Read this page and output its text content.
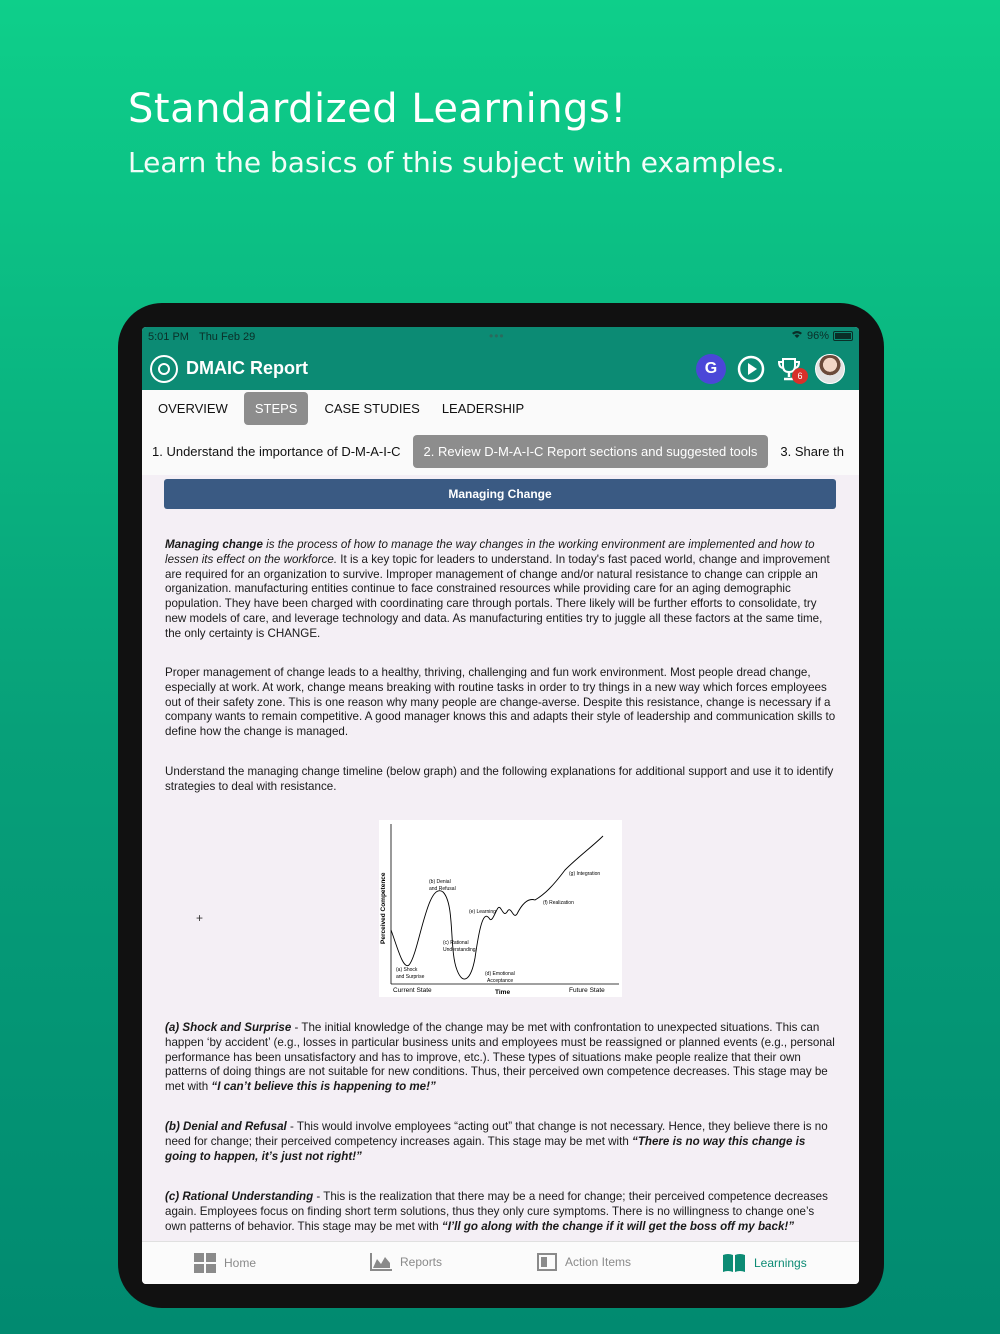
Standardized Learnings!
Learn the basics of this subject with examples.
5:01 PM Thu Feb 29	•••	96%
DMAIC Report	G	6
OVERVIEW	STEPS	CASE STUDIES	LEADERSHIP
1. Understand the importance of D-M-A-I-C	2. Review D-M-A-I-C Report sections and suggested tools	3. Share th
Managing Change
Managing change is the process of how to manage the way changes in the working environment are implemented and how to lessen its effect on the workforce. It is a key topic for leaders to understand. In today's fast paced world, change and improvement are required for an organization to survive. Improper management of change and/or natural resistance to change can cripple an organization. manufacturing entities continue to face constrained resources while providing care for an aging demographic population. They have been charged with coordinating care through portals. There likely will be further efforts to consolidate, try new models of care, and leverage technology and data. As manufacturing entities try to juggle all these factors at the same time, the only certainty is CHANGE.
Proper management of change leads to a healthy, thriving, challenging and fun work environment. Most people dread change, especially at work. At work, change means breaking with routine tasks in order to try things in a new way which forces employees out of their safety zone. This is one reason why many people are change-averse. Despite this resistance, change is necessary if a company wants to remain competitive. A good manager knows this and adapts their style of leadership and communication skills to define how the change is managed.
Understand the managing change timeline (below graph) and the following explanations for additional support and use it to identify strategies to deal with resistance.
+	Perceived Competence
Time
Current State	Future State
(a) Shock
and Surprise
(b) Denial
and Refusal
(c) Rational
Understanding
(d) Emotional
Acceptance
(e) Learning
(f) Realization
(g) Integration
(a) Shock and Surprise - The initial knowledge of the change may be met with confrontation to unexpected situations. This can happen ‘by accident’ (e.g., losses in particular business units and employees must be reassigned or planned events (e.g., personal performance has been unsatisfactory and has to improve, etc.). These types of situations make people realize that their own patterns of doing things are not suitable for new conditions. Thus, their perceived own competence decreases. This stage may be met with “I can’t believe this is happening to me!”
(b) Denial and Refusal - This would involve employees “acting out” that change is not necessary. Hence, they believe there is no need for change; their perceived competency increases again. This stage may be met with “There is no way this change is going to happen, it’s just not right!”
(c) Rational Understanding - This is the realization that there may be a need for change; their perceived competence decreases again. Employees focus on finding short term solutions, thus they only cure symptoms. There is no willingness to change one’s own patterns of behavior. This stage may be met with “I’ll go along with the change if it will get the boss off my back!”
Home	Reports	Action Items	Learnings
